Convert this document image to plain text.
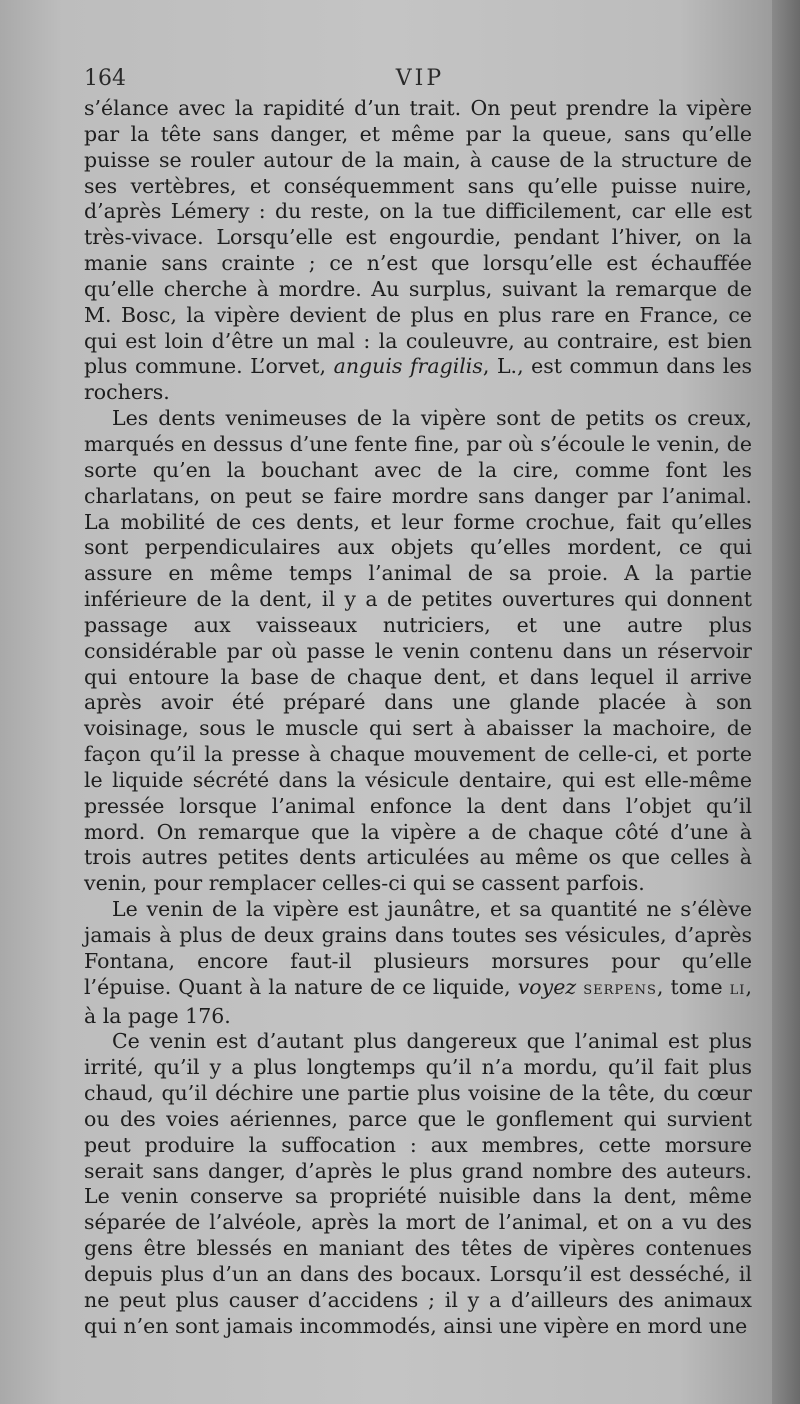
164	VIP

s’élance avec la rapidité d’un trait. On peut prendre la vipère par la tête sans danger, et même par la queue, sans qu’elle puisse se rouler autour de la main, à cause de la structure de ses vertèbres, et conséquemment sans qu’elle puisse nuire, d’après Lémery : du reste, on la tue difficilement, car elle est très-vivace. Lorsqu’elle est engourdie, pendant l’hiver, on la manie sans crainte ; ce n’est que lorsqu’elle est échauffée qu’elle cherche à mordre. Au surplus, suivant la remarque de M. Bosc, la vipère devient de plus en plus rare en France, ce qui est loin d’être un mal : la couleuvre, au contraire, est bien plus commune. L’orvet, anguis fragilis, L., est commun dans les rochers.

Les dents venimeuses de la vipère sont de petits os creux, marqués en dessus d’une fente fine, par où s’écoule le venin, de sorte qu’en la bouchant avec de la cire, comme font les charlatans, on peut se faire mordre sans danger par l’animal. La mobilité de ces dents, et leur forme crochue, fait qu’elles sont perpendiculaires aux objets qu’elles mordent, ce qui assure en même temps l’animal de sa proie. A la partie inférieure de la dent, il y a de petites ouvertures qui donnent passage aux vaisseaux nutriciers, et une autre plus considérable par où passe le venin contenu dans un réservoir qui entoure la base de chaque dent, et dans lequel il arrive après avoir été préparé dans une glande placée à son voisinage, sous le muscle qui sert à abaisser la machoire, de façon qu’il la presse à chaque mouvement de celle-ci, et porte le liquide sécrété dans la vésicule dentaire, qui est elle-même pressée lorsque l’animal enfonce la dent dans l’objet qu’il mord. On remarque que la vipère a de chaque côté d’une à trois autres petites dents articulées au même os que celles à venin, pour remplacer celles-ci qui se cassent parfois.

Le venin de la vipère est jaunâtre, et sa quantité ne s’élève jamais à plus de deux grains dans toutes ses vésicules, d’après Fontana, encore faut-il plusieurs morsures pour qu’elle l’épuise. Quant à la nature de ce liquide, voyez SERPENS, tome LI, à la page 176.

Ce venin est d’autant plus dangereux que l’animal est plus irrité, qu’il y a plus longtemps qu’il n’a mordu, qu’il fait plus chaud, qu’il déchire une partie plus voisine de la tête, du cœur ou des voies aériennes, parce que le gonflement qui survient peut produire la suffocation : aux membres, cette morsure serait sans danger, d’après le plus grand nombre des auteurs. Le venin conserve sa propriété nuisible dans la dent, même séparée de l’alvéole, après la mort de l’animal, et on a vu des gens être blessés en maniant des têtes de vipères contenues depuis plus d’un an dans des bocaux. Lorsqu’il est desséché, il ne peut plus causer d’accidens ; il y a d’ailleurs des animaux qui n’en sont jamais incommodés, ainsi une vipère en mord une
